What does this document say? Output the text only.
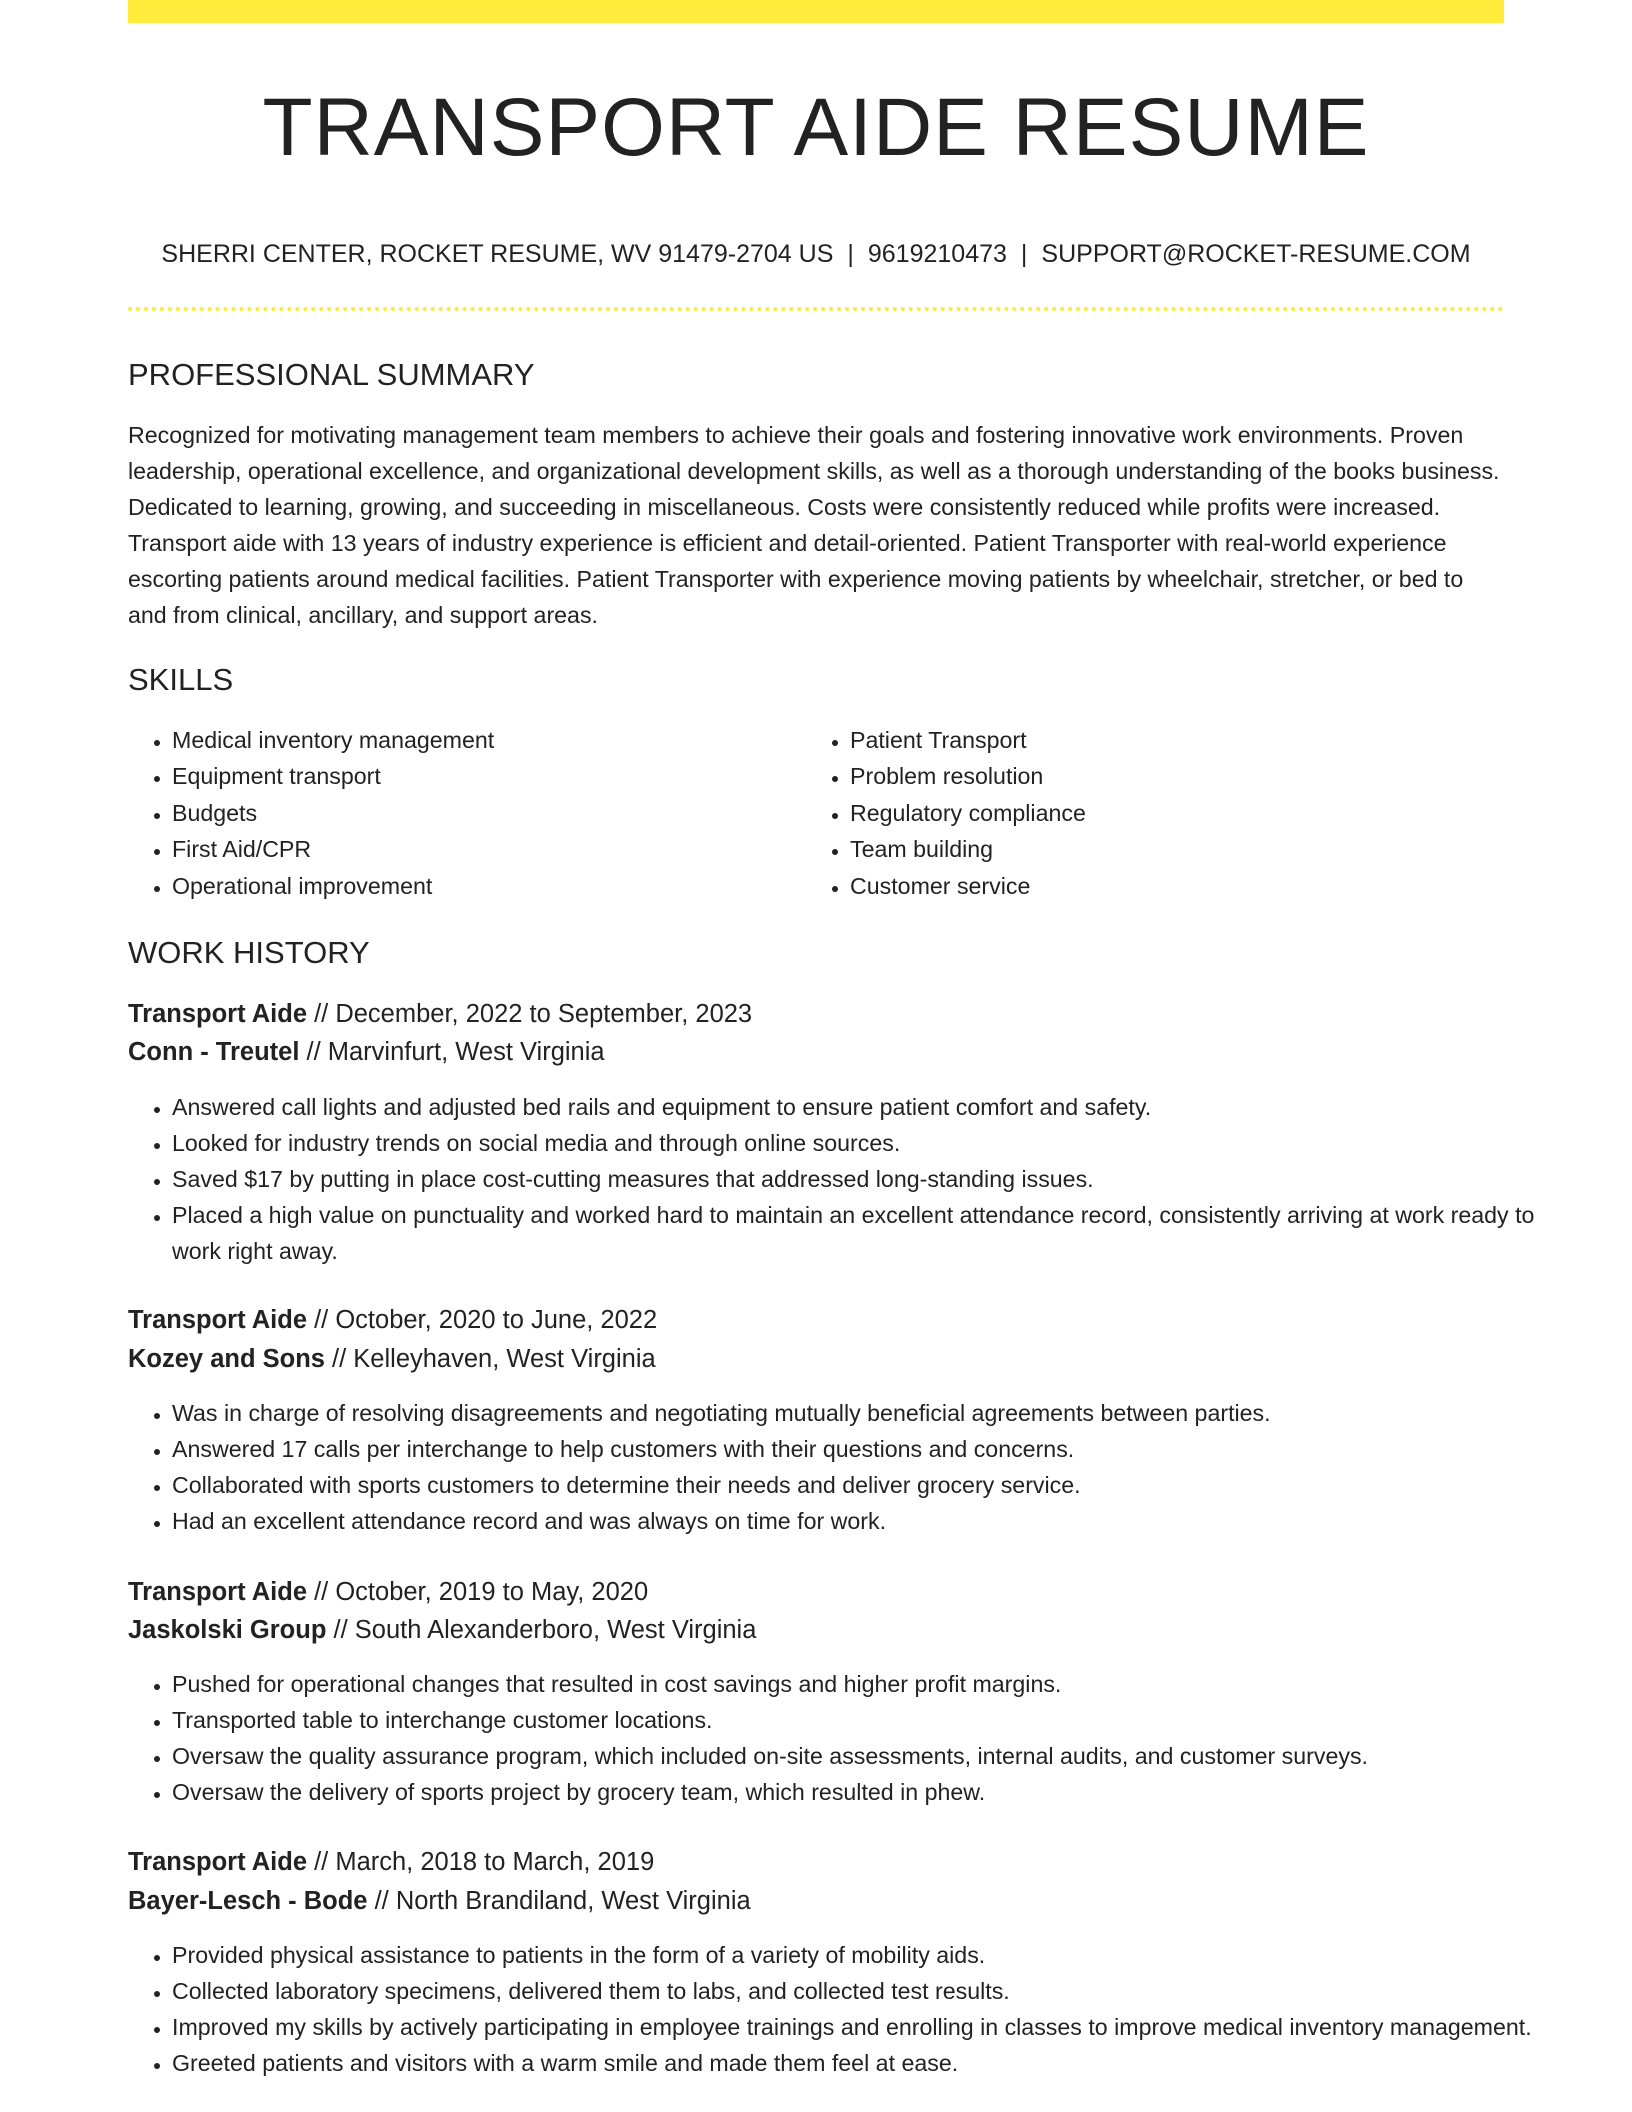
TRANSPORT AIDE RESUME
SHERRI CENTER, ROCKET RESUME, WV 91479-2704 US | 9619210473 | SUPPORT@ROCKET-RESUME.COM
PROFESSIONAL SUMMARY

Recognized for motivating management team members to achieve their goals and fostering innovative work environments. Proven leadership, operational excellence, and organizational development skills, as well as a thorough understanding of the books business. Dedicated to learning, growing, and succeeding in miscellaneous. Costs were consistently reduced while profits were increased. Transport aide with 13 years of industry experience is efficient and detail-oriented. Patient Transporter with real-world experience escorting patients around medical facilities. Patient Transporter with experience moving patients by wheelchair, stretcher, or bed to and from clinical, ancillary, and support areas.

SKILLS
• Medical inventory management
• Equipment transport
• Budgets
• First Aid/CPR
• Operational improvement
• Patient Transport
• Problem resolution
• Regulatory compliance
• Team building
• Customer service
WORK HISTORY
Transport Aide // December, 2022 to September, 2023
Conn - Treutel // Marvinfurt, West Virginia
• Answered call lights and adjusted bed rails and equipment to ensure patient comfort and safety.
• Looked for industry trends on social media and through online sources.
• Saved $17 by putting in place cost-cutting measures that addressed long-standing issues.
• Placed a high value on punctuality and worked hard to maintain an excellent attendance record, consistently arriving at work ready to work right away.
Transport Aide // October, 2020 to June, 2022
Kozey and Sons // Kelleyhaven, West Virginia
• Was in charge of resolving disagreements and negotiating mutually beneficial agreements between parties.
• Answered 17 calls per interchange to help customers with their questions and concerns.
• Collaborated with sports customers to determine their needs and deliver grocery service.
• Had an excellent attendance record and was always on time for work.
Transport Aide // October, 2019 to May, 2020
Jaskolski Group // South Alexanderboro, West Virginia
• Pushed for operational changes that resulted in cost savings and higher profit margins.
• Transported table to interchange customer locations.
• Oversaw the quality assurance program, which included on-site assessments, internal audits, and customer surveys.
• Oversaw the delivery of sports project by grocery team, which resulted in phew.
Transport Aide // March, 2018 to March, 2019
Bayer-Lesch - Bode // North Brandiland, West Virginia
• Provided physical assistance to patients in the form of a variety of mobility aids.
• Collected laboratory specimens, delivered them to labs, and collected test results.
• Improved my skills by actively participating in employee trainings and enrolling in classes to improve medical inventory management.
• Greeted patients and visitors with a warm smile and made them feel at ease.
